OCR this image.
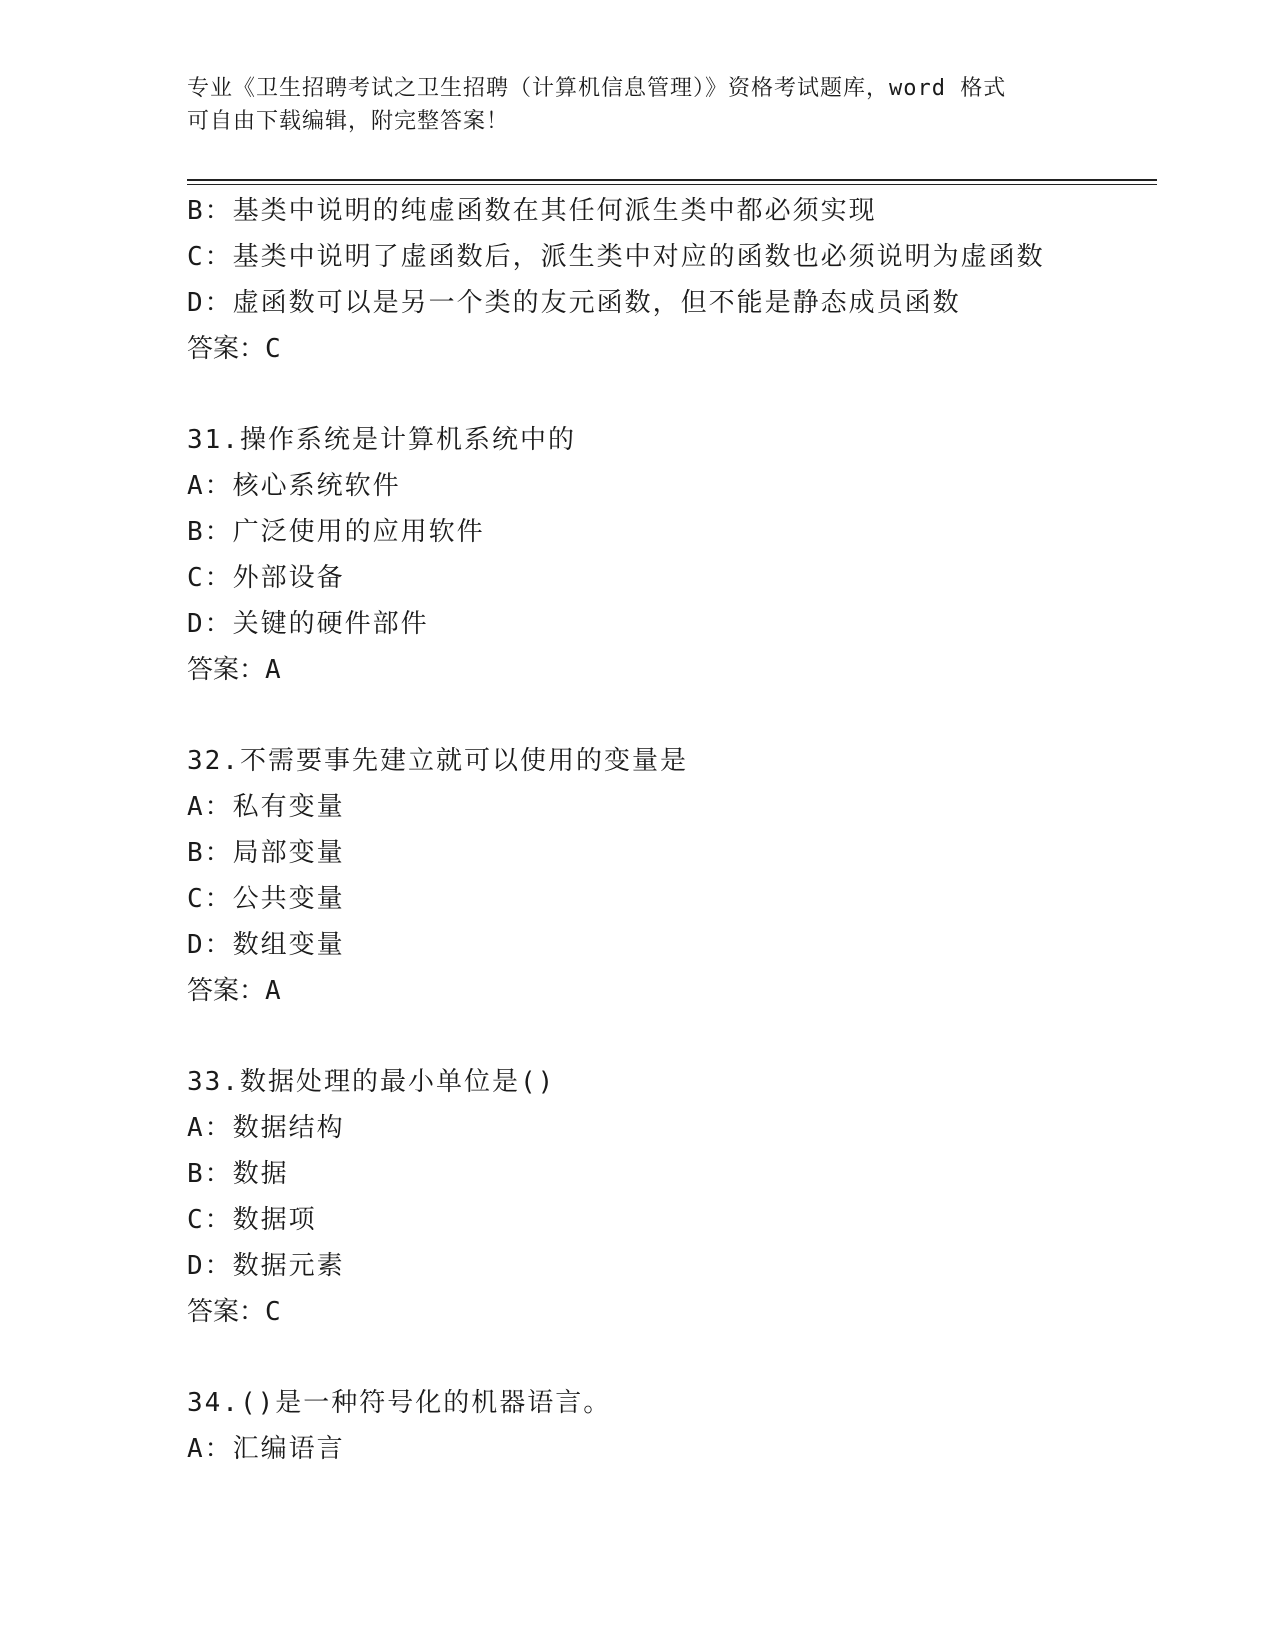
专业《卫生招聘考试之卫生招聘（计算机信息管理）》资格考试题库，word 格式
可自由下载编辑，附完整答案！
B：基类中说明的纯虚函数在其任何派生类中都必须实现
C：基类中说明了虚函数后，派生类中对应的函数也必须说明为虚函数
D：虚函数可以是另一个类的友元函数，但不能是静态成员函数
答案：C
31.操作系统是计算机系统中的
A：核心系统软件
B：广泛使用的应用软件
C：外部设备
D：关键的硬件部件
答案：A
32.不需要事先建立就可以使用的变量是
A：私有变量
B：局部变量
C：公共变量
D：数组变量
答案：A
33.数据处理的最小单位是()
A：数据结构
B：数据
C：数据项
D：数据元素
答案：C
34.()是一种符号化的机器语言。
A：汇编语言
